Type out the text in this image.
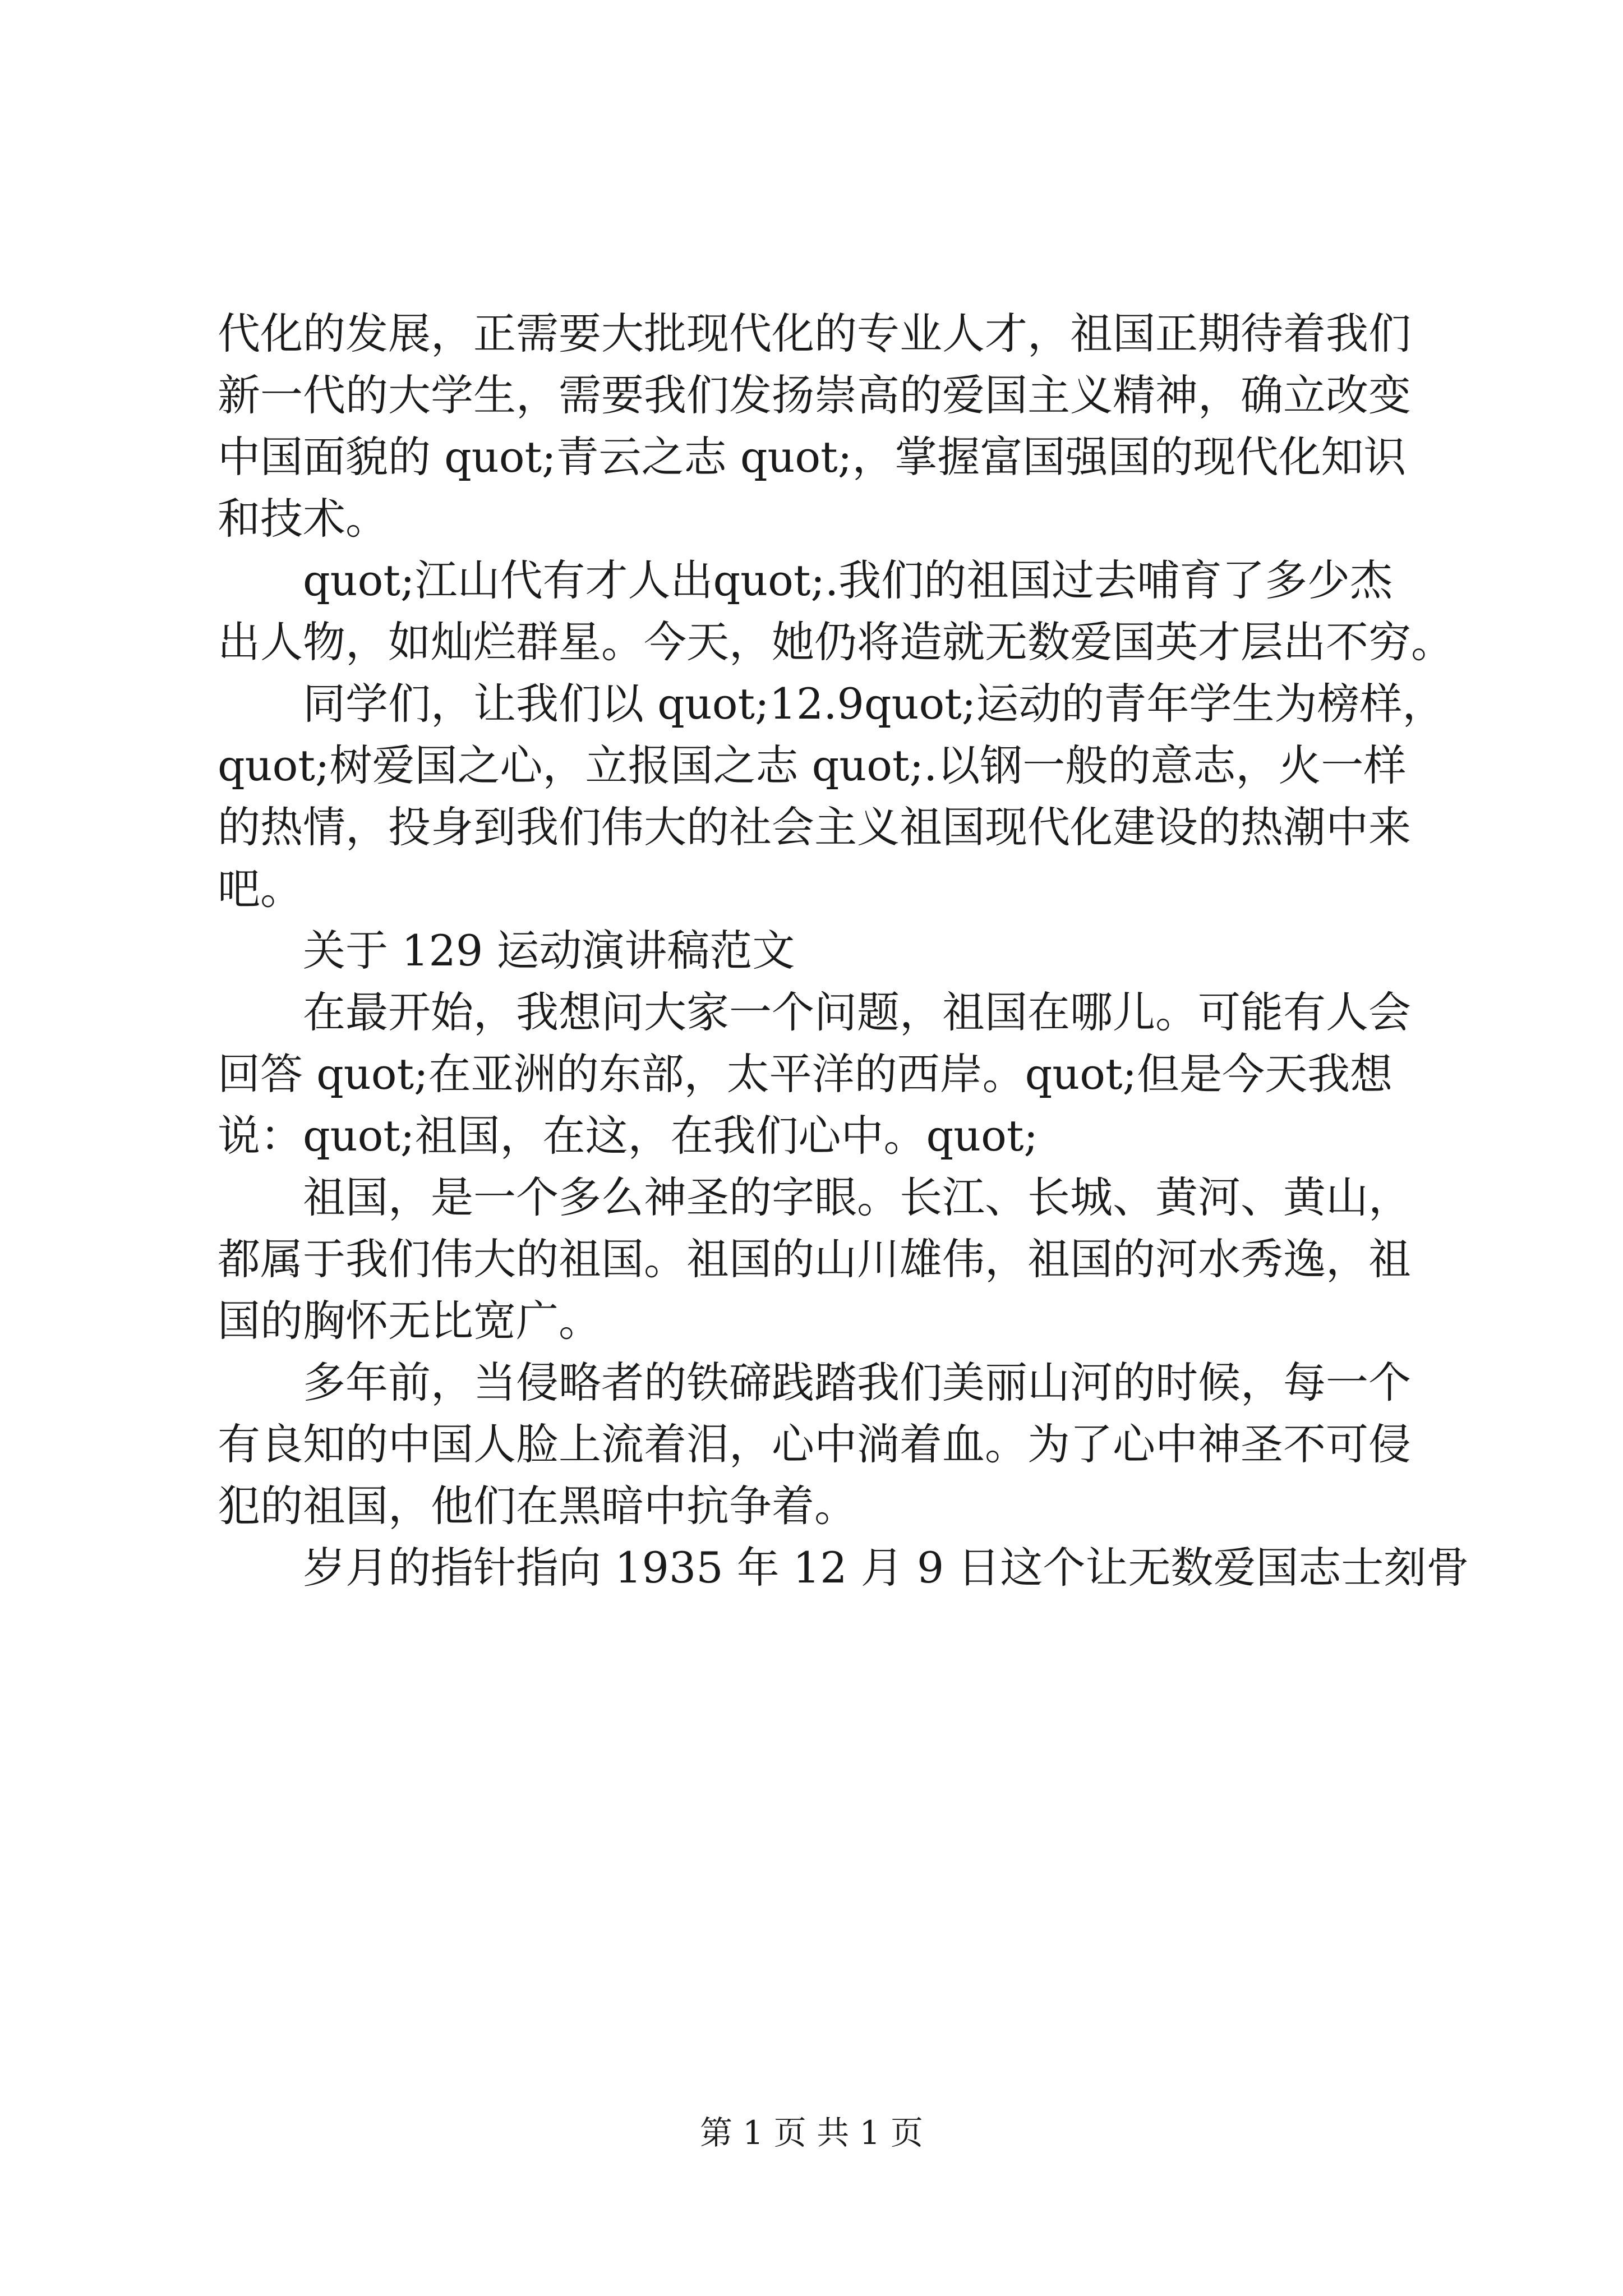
代化的发展，正需要大批现代化的专业人才，祖国正期待着我们
新一代的大学生，需要我们发扬崇高的爱国主义精神，确立改变
中国面貌的 quot;青云之志 quot;，掌握富国强国的现代化知识
和技术。

quot;江山代有才人出quot;.我们的祖国过去哺育了多少杰
出人物，如灿烂群星。今天，她仍将造就无数爱国英才层出不穷。

同学们，让我们以 quot;12.9quot;运动的青年学生为榜样，
quot;树爱国之心，立报国之志 quot;.以钢一般的意志，火一样
的热情，投身到我们伟大的社会主义祖国现代化建设的热潮中来
吧。

关于 129 运动演讲稿范文

在最开始，我想问大家一个问题，祖国在哪儿。可能有人会
回答 quot;在亚洲的东部，太平洋的西岸。quot;但是今天我想
说：quot;祖国，在这，在我们心中。quot;

祖国，是一个多么神圣的字眼。长江、长城、黄河、黄山，
都属于我们伟大的祖国。祖国的山川雄伟，祖国的河水秀逸，祖
国的胸怀无比宽广。

多年前，当侵略者的铁碲践踏我们美丽山河的时候，每一个
有良知的中国人脸上流着泪，心中淌着血。为了心中神圣不可侵
犯的祖国，他们在黑暗中抗争着。

岁月的指针指向 1935 年 12 月 9 日这个让无数爱国志士刻骨

第 1 页 共 1 页
